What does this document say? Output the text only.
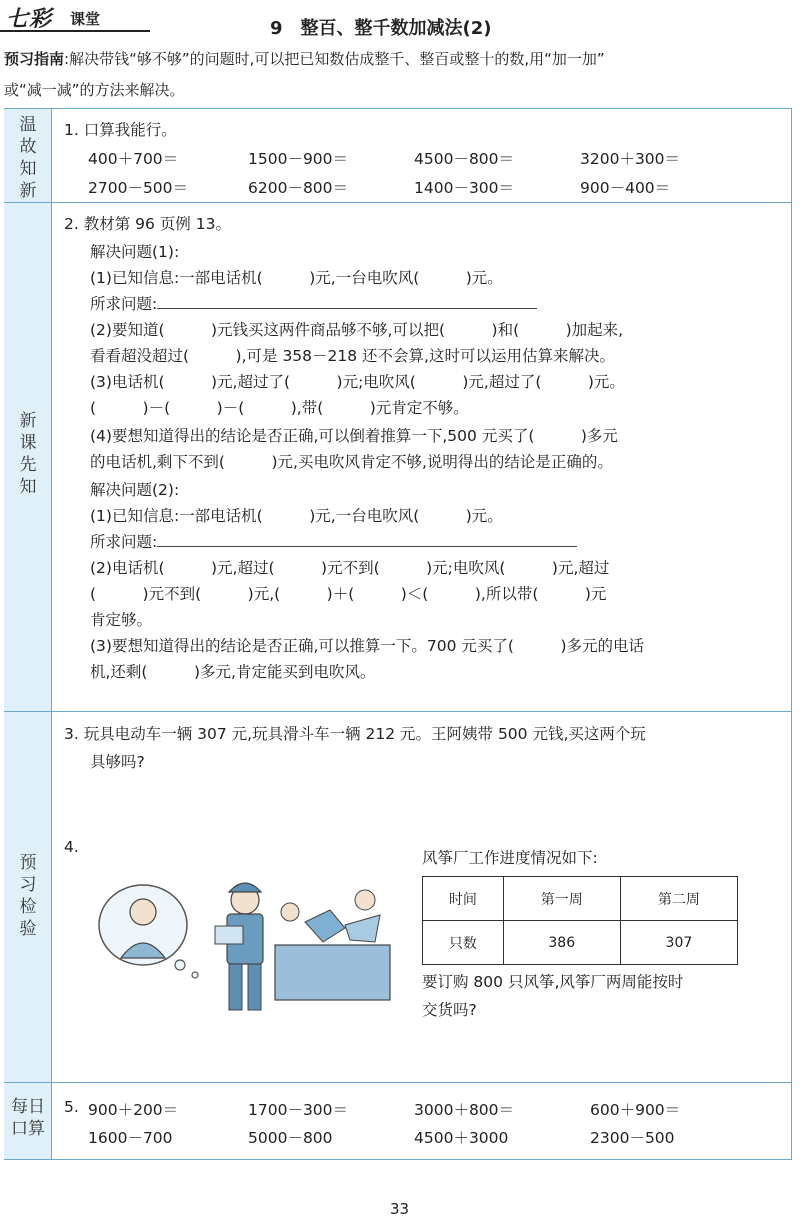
七彩 课堂	9　整百、整千数加减法(2)
预习指南:解决带钱“够不够”的问题时,可以把已知数估成整千、整百或整十的数,用“加一加”
或“减一减”的方法来解决。
温故知新
新课先知
预习检验
每日口算
1. 口算我能行。
400＋700＝	1500－900＝	4500－800＝	3200＋300＝
2700－500＝	6200－800＝	1400－300＝	900－400＝
2. 教材第 96 页例 13。
解决问题(1):
(1)已知信息:一部电话机(　　　)元,一台电吹风(　　　)元。
所求问题:
(2)要知道(　　　)元钱买这两件商品够不够,可以把(　　　)和(　　　)加起来,
看看超没超过(　　　),可是 358－218 还不会算,这时可以运用估算来解决。
(3)电话机(　　　)元,超过了(　　　)元;电吹风(　　　)元,超过了(　　　)元。
(　　　)－(　　　)－(　　　),带(　　　)元肯定不够。
(4)要想知道得出的结论是否正确,可以倒着推算一下,500 元买了(　　　)多元
的电话机,剩下不到(　　　)元,买电吹风肯定不够,说明得出的结论是正确的。
解决问题(2):
(1)已知信息:一部电话机(　　　)元,一台电吹风(　　　)元。
所求问题:
(2)电话机(　　　)元,超过(　　　)元不到(　　　)元;电吹风(　　　)元,超过
(　　　)元不到(　　　)元,(　　　)＋(　　　)＜(　　　),所以带(　　　)元
肯定够。
(3)要想知道得出的结论是否正确,可以推算一下。700 元买了(　　　)多元的电话
机,还剩(　　　)多元,肯定能买到电吹风。
3. 玩具电动车一辆 307 元,玩具滑斗车一辆 212 元。王阿姨带 500 元钱,买这两个玩
具够吗?
4.
风筝厂工作进度情况如下:
时间	第一周	第二周
只数	386	307
要订购 800 只风筝,风筝厂两周能按时
交货吗?
5. 900＋200＝	1700－300＝	3000＋800＝	600＋900＝
1600－700	5000－800	4500＋3000	2300－500
33
